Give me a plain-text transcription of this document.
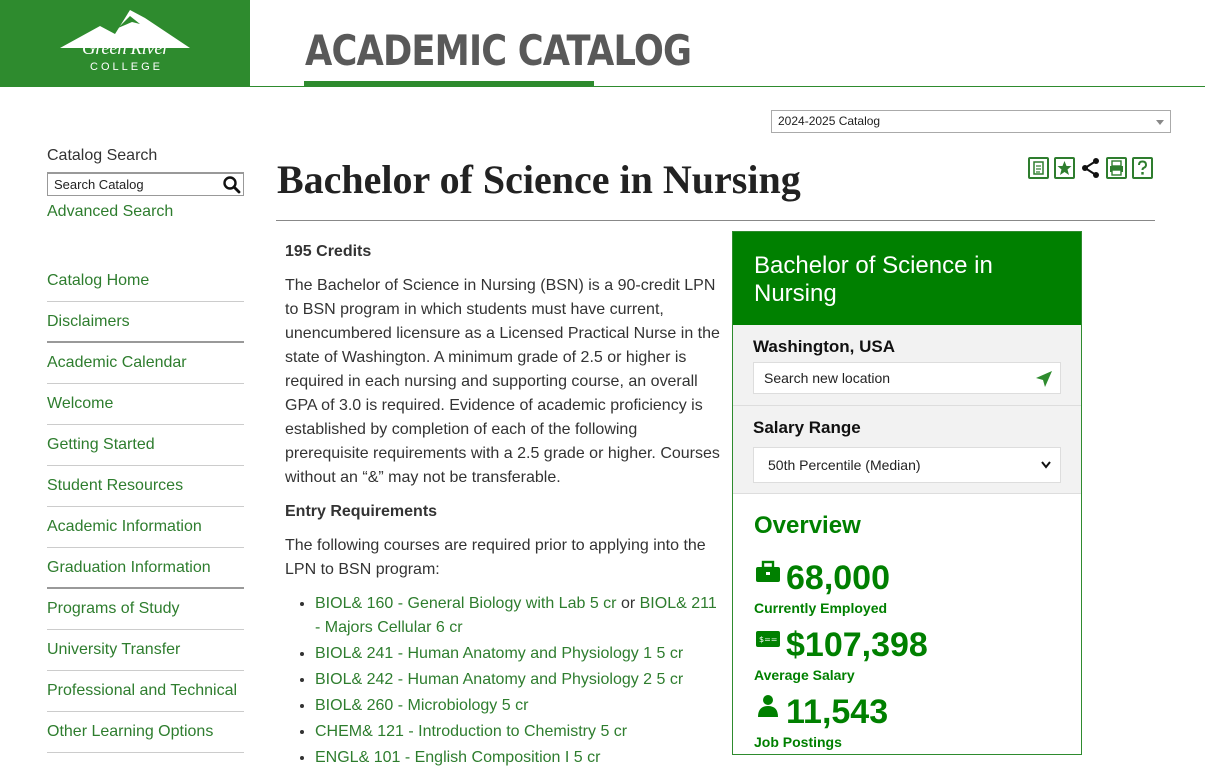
Green River
COLLEGE	ACADEMIC CATALOG
2024-2025 Catalog
Catalog Search
Search Catalog
Advanced Search
Catalog Home
Disclaimers
Academic Calendar
Welcome
Getting Started
Student Resources
Academic Information
Graduation Information
Programs of Study
University Transfer
Professional and Technical
Other Learning Options
Bachelor of Science in Nursing
195 Credits

The Bachelor of Science in Nursing (BSN) is a 90-credit LPN to BSN program in which students must have current, unencumbered licensure as a Licensed Practical Nurse in the state of Washington. A minimum grade of 2.5 or higher is required in each nursing and supporting course, an overall GPA of 3.0 is required. Evidence of academic proficiency is established by completion of each of the following prerequisite requirements with a 2.5 grade or higher. Courses without an “&” may not be transferable.

Entry Requirements

The following courses are required prior to applying into the LPN to BSN program:

• BIOL& 160 - General Biology with Lab 5 cr or BIOL& 211 - Majors Cellular 6 cr
• BIOL& 241 - Human Anatomy and Physiology 1 5 cr
• BIOL& 242 - Human Anatomy and Physiology 2 5 cr
• BIOL& 260 - Microbiology 5 cr
• CHEM& 121 - Introduction to Chemistry 5 cr
• ENGL& 101 - English Composition I 5 cr
Bachelor of Science in Nursing
Washington, USA
Search new location
Salary Range
50th Percentile (Median)
Overview
68,000
Currently Employed
$== $107,398
Average Salary
11,543
Job Postings
